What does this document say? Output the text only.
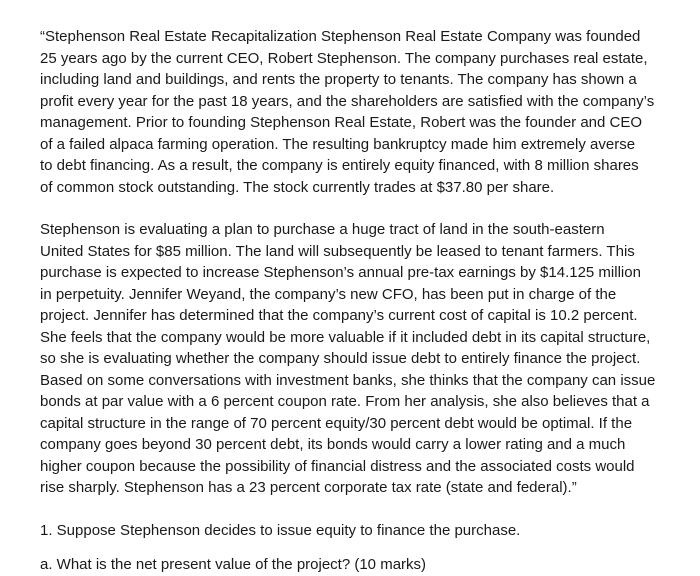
“Stephenson Real Estate Recapitalization Stephenson Real Estate Company was founded
25 years ago by the current CEO, Robert Stephenson. The company purchases real estate,
including land and buildings, and rents the property to tenants. The company has shown a
profit every year for the past 18 years, and the shareholders are satisfied with the company’s
management. Prior to founding Stephenson Real Estate, Robert was the founder and CEO
of a failed alpaca farming operation. The resulting bankruptcy made him extremely averse
to debt financing. As a result, the company is entirely equity financed, with 8 million shares
of common stock outstanding. The stock currently trades at $37.80 per share.
Stephenson is evaluating a plan to purchase a huge tract of land in the south-eastern
United States for $85 million. The land will subsequently be leased to tenant farmers. This
purchase is expected to increase Stephenson’s annual pre-tax earnings by $14.125 million
in perpetuity. Jennifer Weyand, the company’s new CFO, has been put in charge of the
project. Jennifer has determined that the company’s current cost of capital is 10.2 percent.
She feels that the company would be more valuable if it included debt in its capital structure,
so she is evaluating whether the company should issue debt to entirely finance the project.
Based on some conversations with investment banks, she thinks that the company can issue
bonds at par value with a 6 percent coupon rate. From her analysis, she also believes that a
capital structure in the range of 70 percent equity/30 percent debt would be optimal. If the
company goes beyond 30 percent debt, its bonds would carry a lower rating and a much
higher coupon because the possibility of financial distress and the associated costs would
rise sharply. Stephenson has a 23 percent corporate tax rate (state and federal).”
1. Suppose Stephenson decides to issue equity to finance the purchase.
a. What is the net present value of the project? (10 marks)
